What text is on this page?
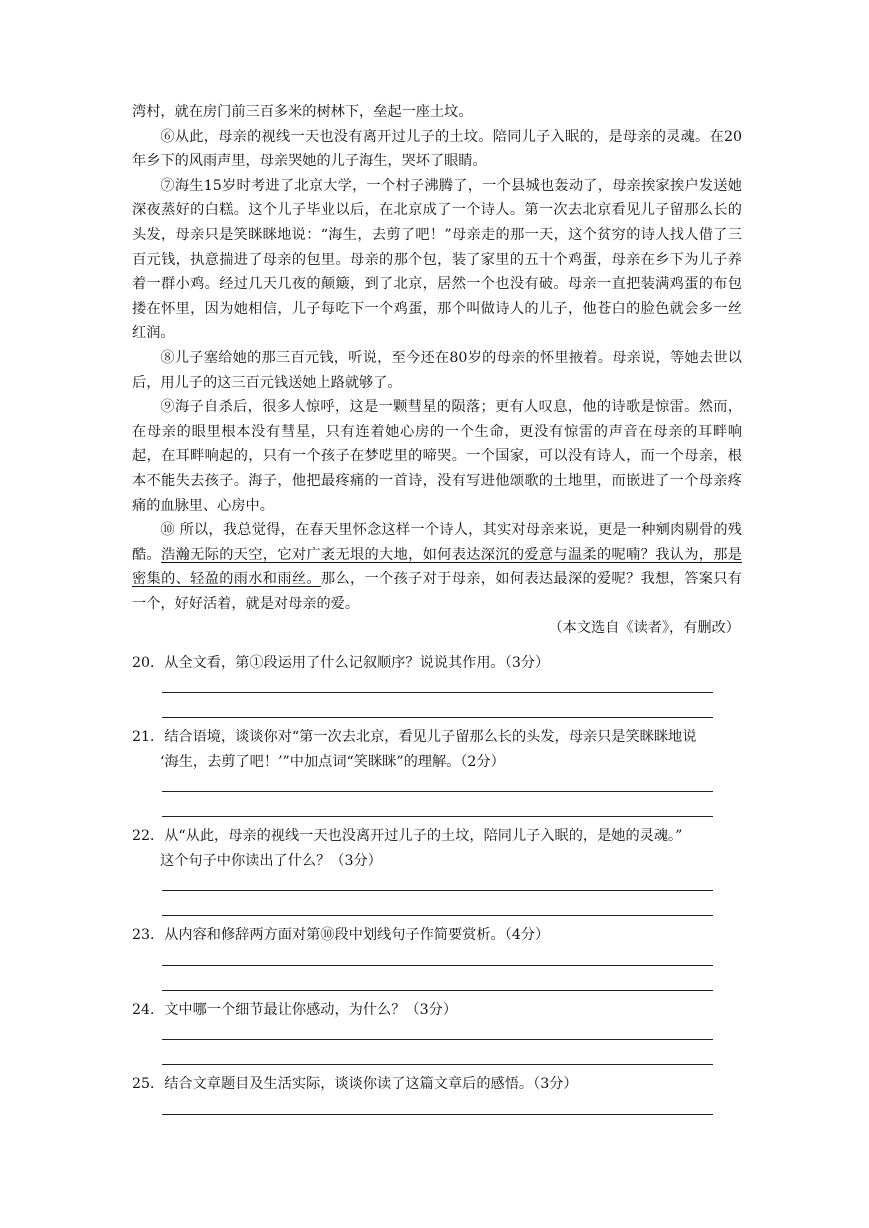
湾村，就在房门前三百多米的树林下，垒起一座土坟。

⑥从此，母亲的视线一天也没有离开过儿子的土坟。陪同儿子入眠的，是母亲的灵魂。在20年乡下的风雨声里，母亲哭她的儿子海生，哭坏了眼睛。

⑦海生15岁时考进了北京大学，一个村子沸腾了，一个县城也轰动了，母亲挨家挨户发送她深夜蒸好的白糕。这个儿子毕业以后，在北京成了一个诗人。第一次去北京看见儿子留那么长的头发，母亲只是笑眯眯地说：“海生，去剪了吧！”母亲走的那一天，这个贫穷的诗人找人借了三百元钱，执意揣进了母亲的包里。母亲的那个包，装了家里的五十个鸡蛋，母亲在乡下为儿子养着一群小鸡。经过几天几夜的颠簸，到了北京，居然一个也没有破。母亲一直把装满鸡蛋的布包搂在怀里，因为她相信，儿子每吃下一个鸡蛋，那个叫做诗人的儿子，他苍白的脸色就会多一丝红润。

⑧儿子塞给她的那三百元钱，听说，至今还在80岁的母亲的怀里掖着。母亲说，等她去世以后，用儿子的这三百元钱送她上路就够了。

⑨海子自杀后，很多人惊呼，这是一颗彗星的陨落；更有人叹息，他的诗歌是惊雷。然而，在母亲的眼里根本没有彗星，只有连着她心房的一个生命，更没有惊雷的声音在母亲的耳畔响起，在耳畔响起的，只有一个孩子在梦呓里的啼哭。一个国家，可以没有诗人，而一个母亲，根本不能失去孩子。海子，他把最疼痛的一首诗，没有写进他颂歌的土地里，而嵌进了一个母亲疼痛的血脉里、心房中。

⑩ 所以，我总觉得，在春天里怀念这样一个诗人，其实对母亲来说，更是一种剜肉剔骨的残酷。浩瀚无际的天空，它对广袤无垠的大地，如何表达深沉的爱意与温柔的呢喃？我认为，那是密集的、轻盈的雨水和雨丝。那么，一个孩子对于母亲，如何表达最深的爱呢？我想，答案只有一个，好好活着，就是对母亲的爱。

（本文选自《读者》，有删改）

20．从全文看，第①段运用了什么记叙顺序？说说其作用。（3分）

21．结合语境，谈谈你对“第一次去北京，看见儿子留那么长的头发，母亲只是笑眯眯地说

‘海生，去剪了吧！’”中加点词“笑眯眯”的理解。（2分）

22．从“从此，母亲的视线一天也没离开过儿子的土坟，陪同儿子入眠的，是她的灵魂。”

这个句子中你读出了什么？（3分）

23．从内容和修辞两方面对第⑩段中划线句子作简要赏析。（4分）

24．文中哪一个细节最让你感动，为什么？（3分）

25．结合文章题目及生活实际，谈谈你读了这篇文章后的感悟。（3分）
